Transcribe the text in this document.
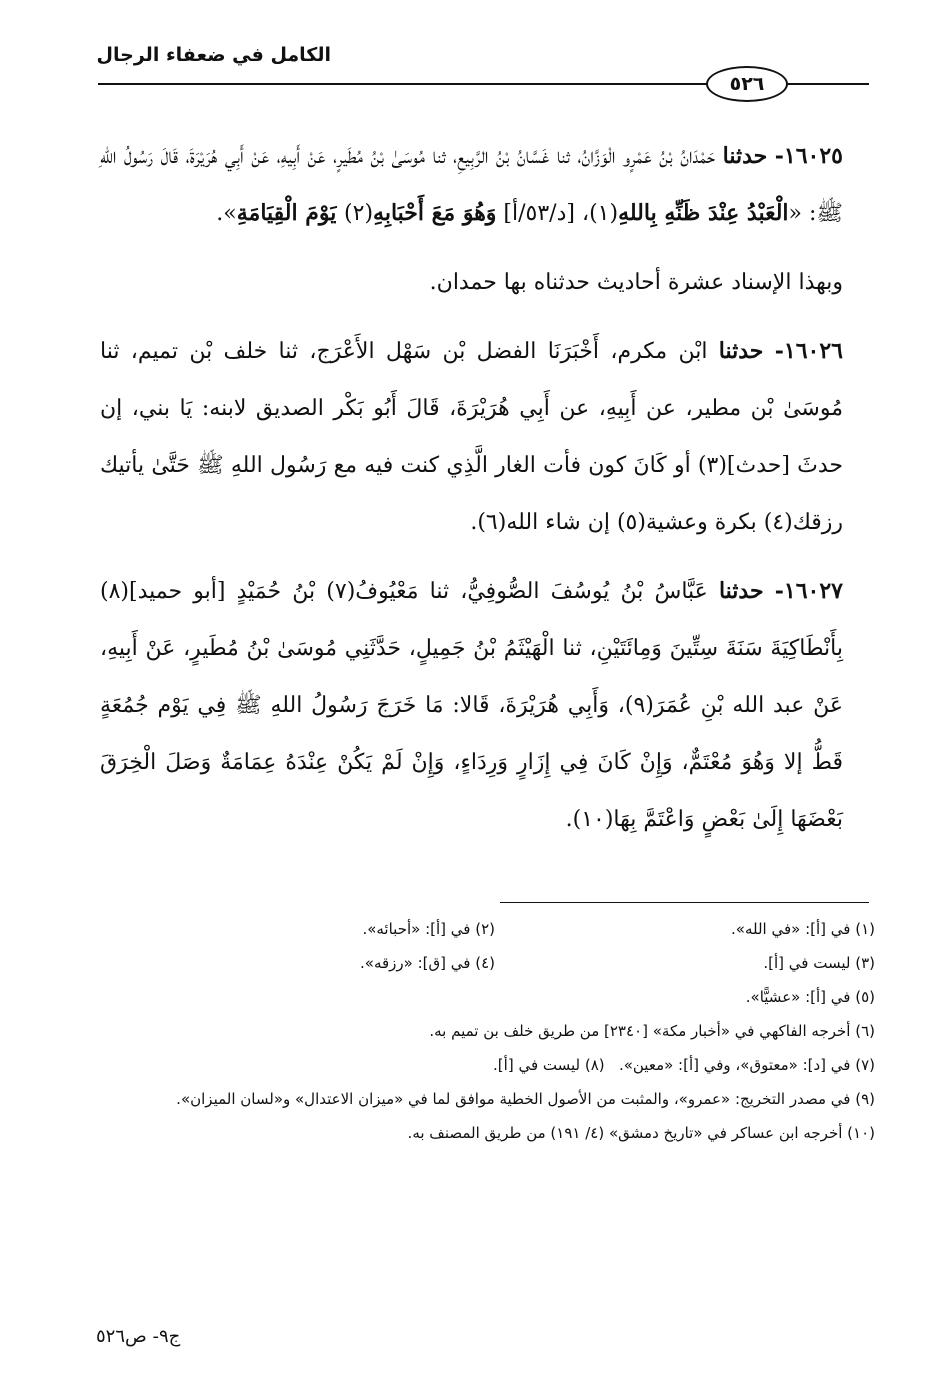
الكامل في ضعفاء الرجال
٥٢٦

١٦٠٢٥- حدثنا حَمْدَانُ بْنُ عَمْرٍو الْوَزَّانُ، ثنا غَسَّانُ بْنُ الرَّبِيعِ، ثنا مُوسَىٰ بْنُ مُطَيرٍ، عَنْ أَبِيهِ، عَنْ أَبِي هُرَيْرَةَ، قَالَ رَسُولُ اللهِ ﷺ: «الْعَبْدُ عِنْدَ ظَنِّهِ بِاللهِ(١)، [د/٥٣/أ] وَهُوَ مَعَ أَحْبَابِهِ(٢) يَوْمَ الْقِيَامَةِ».

وبهذا الإسناد عشرة أحاديث حدثناه بها حمدان.

١٦٠٢٦- حدثنا ابْن مكرم، أَخْبَرَنَا الفضل بْن سَهْل الأَعْرَج، ثنا خلف بْن تميم، ثنا مُوسَىٰ بْن مطير، عن أَبِيهِ، عن أَبِي هُرَيْرَةَ، قَالَ أَبُو بَكْر الصديق لابنه: يَا بني، إن حدثَ [حدث](٣) أو كَانَ كون فأت الغار الَّذِي كنت فيه مع رَسُول اللهِ ﷺ حَتَّىٰ يأتيك رزقك(٤) بكرة وعشية(٥) إن شاء الله(٦).

١٦٠٢٧- حدثنا عَبَّاسُ بْنُ يُوسُفَ الصُّوفِيُّ، ثنا مَعْيُوفُ(٧) بْنُ حُمَيْدٍ [أبو حميد](٨) بِأَنْطَاكِيَةَ سَنَةَ سِتِّينَ وَمِائَتَيْنِ، ثنا الْهَيْثَمُ بْنُ جَمِيلٍ، حَدَّثَنِي مُوسَىٰ بْنُ مُطَيرٍ، عَنْ أَبِيهِ، عَنْ عبد الله بْنِ عُمَرَ(٩)، وَأَبِي هُرَيْرَةَ، قَالا: مَا خَرَجَ رَسُولُ اللهِ ﷺ فِي يَوْم جُمُعَةٍ قَطُّ إلا وَهُوَ مُعْتَمٌّ، وَإِنْ كَانَ فِي إِزَارٍ وَرِدَاءٍ، وَإِنْ لَمْ يَكُنْ عِنْدَهُ عِمَامَةٌ وَصَلَ الْخِرَقَ بَعْضَهَا إِلَىٰ بَعْضٍ وَاعْتَمَّ بِهَا(١٠).

(١) في [أ]: «في الله».
(٢) في [أ]: «أحبائه».
(٣) ليست في [أ].
(٤) في [ق]: «رزقه».
(٥) في [أ]: «عشيًّا».
(٦) أخرجه الفاكهي في «أخبار مكة» [٢٣٤٠] من طريق خلف بن تميم به.
(٧) في [د]: «معتوق»، وفي [أ]: «معين».   (٨) ليست في [أ].
(٩) في مصدر التخريج: «عمرو»، والمثبت من الأصول الخطية موافق لما في «ميزان الاعتدال» و«لسان الميزان».
(١٠) أخرجه ابن عساكر في «تاريخ دمشق» (٤/ ١٩١) من طريق المصنف به.
ج٩- ص٥٢٦
